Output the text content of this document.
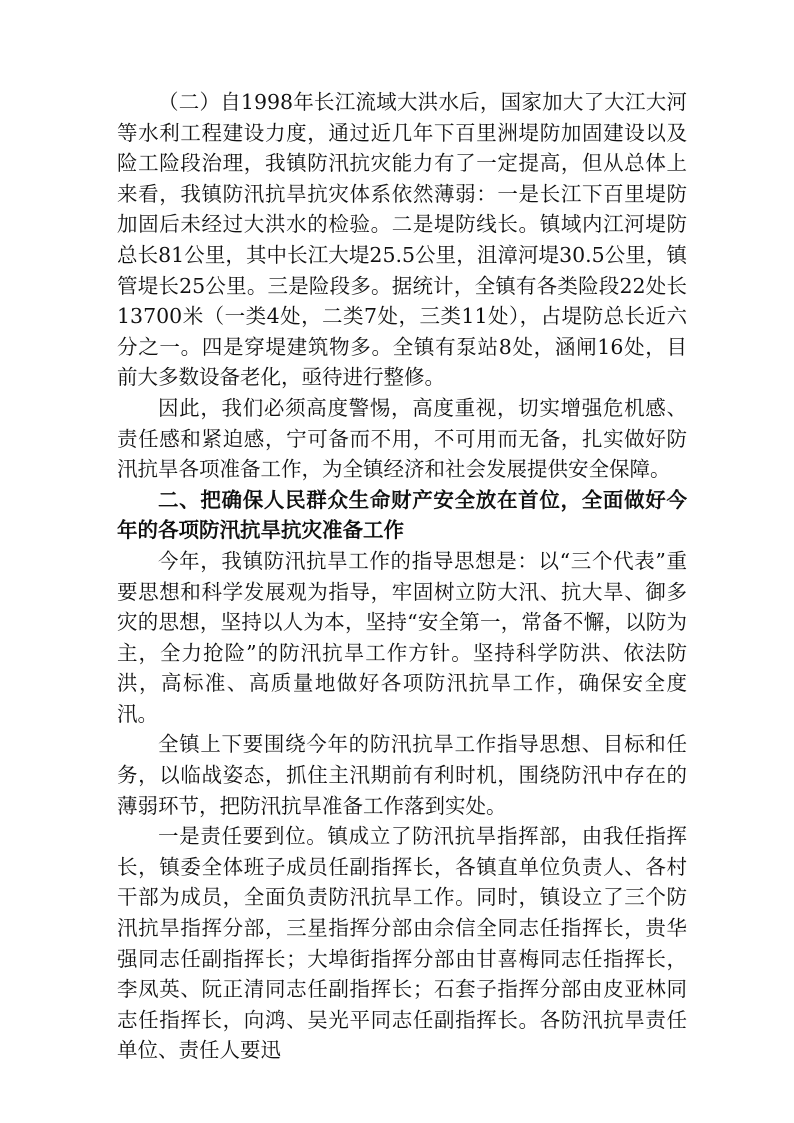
（二）自1998年长江流域大洪水后，国家加大了大江大河等水利工程建设力度，通过近几年下百里洲堤防加固建设以及险工险段治理，我镇防汛抗灾能力有了一定提高，但从总体上来看，我镇防汛抗旱抗灾体系依然薄弱：一是长江下百里堤防加固后未经过大洪水的检验。二是堤防线长。镇域内江河堤防总长81公里，其中长江大堤25.5公里，沮漳河堤30.5公里，镇管堤长25公里。三是险段多。据统计，全镇有各类险段22处长13700米（一类4处，二类7处，三类11处），占堤防总长近六分之一。四是穿堤建筑物多。全镇有泵站8处，涵闸16处，目前大多数设备老化，亟待进行整修。

因此，我们必须高度警惕，高度重视，切实增强危机感、责任感和紧迫感，宁可备而不用，不可用而无备，扎实做好防汛抗旱各项准备工作，为全镇经济和社会发展提供安全保障。

二、把确保人民群众生命财产安全放在首位，全面做好今年的各项防汛抗旱抗灾准备工作

今年，我镇防汛抗旱工作的指导思想是：以“三个代表”重要思想和科学发展观为指导，牢固树立防大汛、抗大旱、御多灾的思想，坚持以人为本，坚持“安全第一，常备不懈，以防为主，全力抢险”的防汛抗旱工作方针。坚持科学防洪、依法防洪，高标准、高质量地做好各项防汛抗旱工作，确保安全度汛。

全镇上下要围绕今年的防汛抗旱工作指导思想、目标和任务，以临战姿态，抓住主汛期前有利时机，围绕防汛中存在的薄弱环节，把防汛抗旱准备工作落到实处。

一是责任要到位。镇成立了防汛抗旱指挥部，由我任指挥长，镇委全体班子成员任副指挥长，各镇直单位负责人、各村干部为成员，全面负责防汛抗旱工作。同时，镇设立了三个防汛抗旱指挥分部，三星指挥分部由佘信全同志任指挥长，贵华强同志任副指挥长；大埠街指挥分部由甘喜梅同志任指挥长，李凤英、阮正清同志任副指挥长；石套子指挥分部由皮亚林同志任指挥长，向鸿、吴光平同志任副指挥长。各防汛抗旱责任单位、责任人要迅
